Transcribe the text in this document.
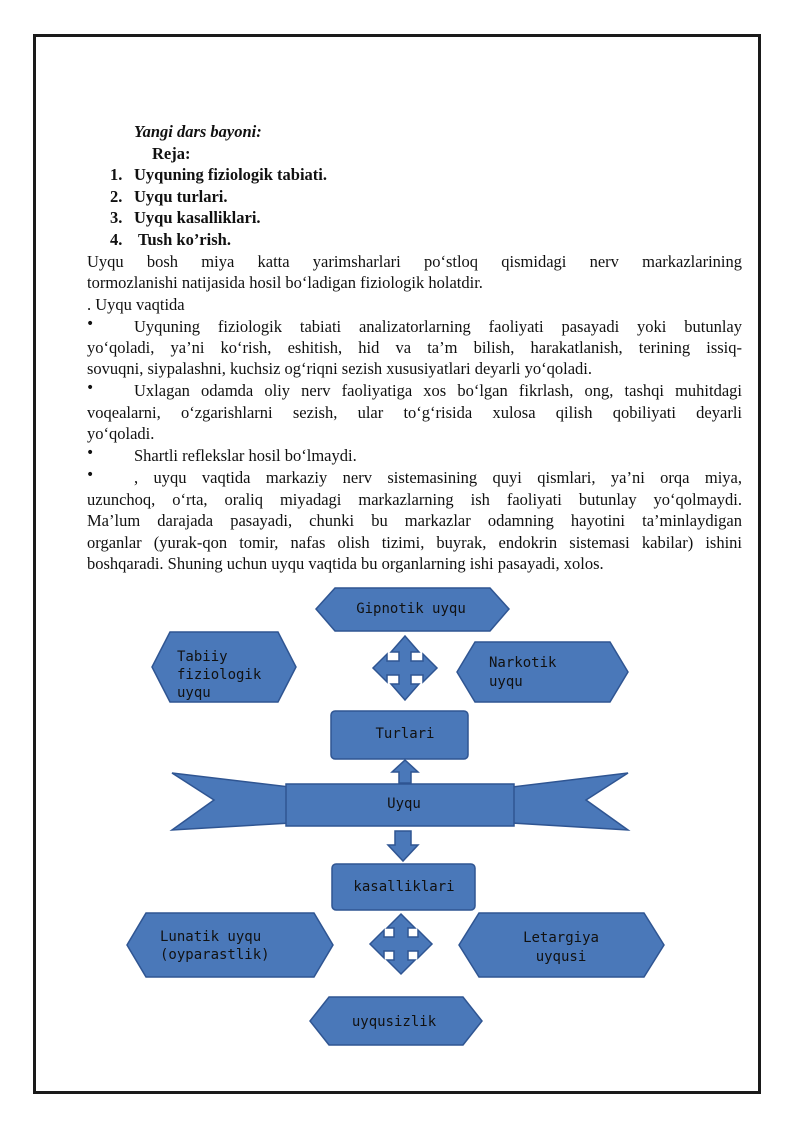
Yangi dars bayoni:
Reja:
1. Uyquning fiziologik tabiati.
2. Uyqu turlari.
3. Uyqu kasalliklari.
4. Tush ko’rish.
Uyqu bosh miya katta yarimsharlari po‘stloq qismidagi nerv markazlarining
tormozlanishi natijasida hosil bo‘ladigan fiziologik holatdir.
. Uyqu vaqtida
• Uyquning fiziologik tabiati analizatorlarning faoliyati pasayadi yoki butunlay
yo‘qoladi, ya’ni ko‘rish, eshitish, hid va ta’m bilish, harakatlanish, terining issiq-
sovuqni, siypalashni, kuchsiz og‘riqni sezish xususiyatlari deyarli yo‘qoladi.
• Uxlagan odamda oliy nerv faoliyatiga xos bo‘lgan fikrlash, ong, tashqi muhitdagi
voqealarni, o‘zgarishlarni sezish, ular to‘g‘risida xulosa qilish qobiliyati deyarli
yo‘qoladi.
• Shartli reflekslar hosil bo‘lmaydi.
• , uyqu vaqtida markaziy nerv sistemasining quyi qismlari, ya’ni orqa miya,
uzunchoq, o‘rta, oraliq miyadagi markazlarning ish faoliyati butunlay yo‘qolmaydi.
Ma’lum darajada pasayadi, chunki bu markazlar odamning hayotini ta’minlaydigan
organlar (yurak-qon tomir, nafas olish tizimi, buyrak, endokrin sistemasi kabilar) ishini
boshqaradi. Shuning uchun uyqu vaqtida bu organlarning ishi pasayadi, xolos.
Gipnotik uyqu
Tabiiy
fiziologik
uyqu
Narkotik
uyqu
Turlari
Uyqu
kasalliklari
Lunatik uyqu
(oyparastlik)
Letargiya
uyqusi
uyqusizlik
